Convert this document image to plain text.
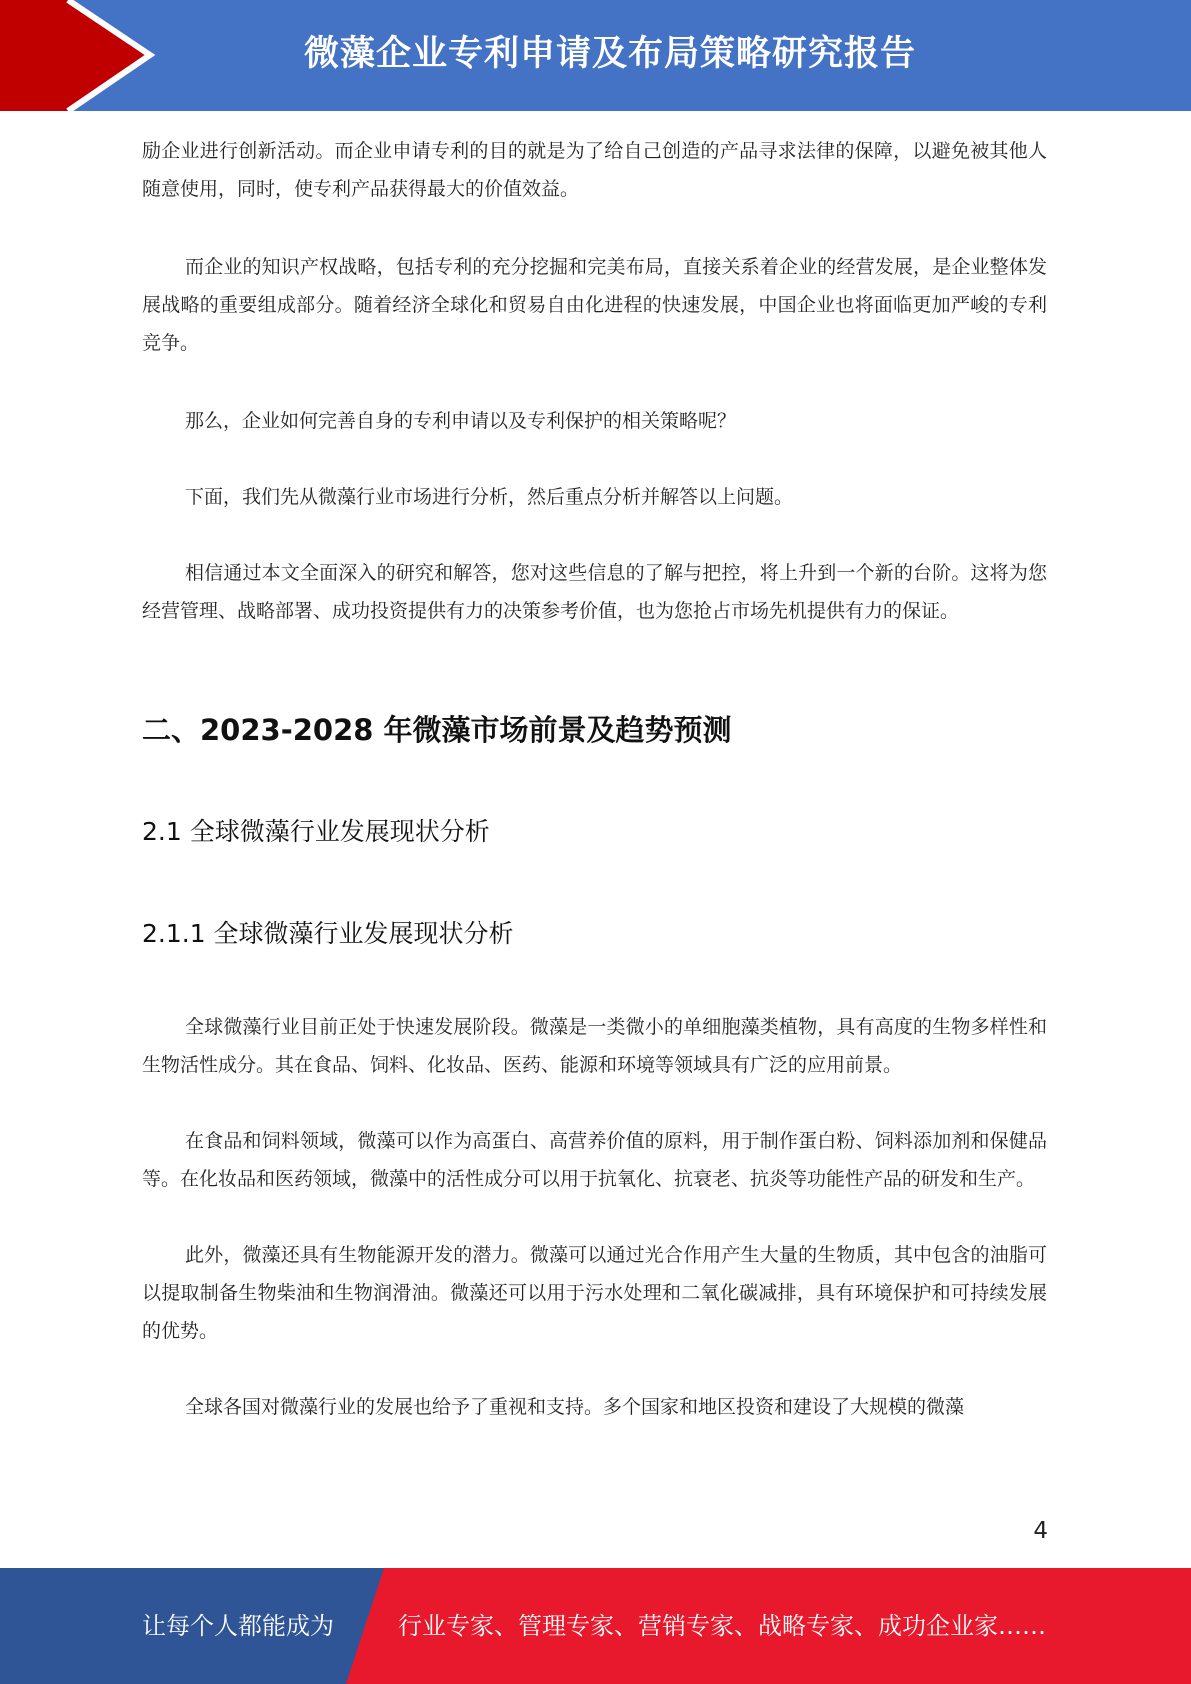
微藻企业专利申请及布局策略研究报告

励企业进行创新活动。而企业申请专利的目的就是为了给自己创造的产品寻求法律的保障，以避免被其他人随意使用，同时，使专利产品获得最大的价值效益。

而企业的知识产权战略，包括专利的充分挖掘和完美布局，直接关系着企业的经营发展，是企业整体发展战略的重要组成部分。随着经济全球化和贸易自由化进程的快速发展，中国企业也将面临更加严峻的专利竞争。

那么，企业如何完善自身的专利申请以及专利保护的相关策略呢？

下面，我们先从微藻行业市场进行分析，然后重点分析并解答以上问题。

相信通过本文全面深入的研究和解答，您对这些信息的了解与把控，将上升到一个新的台阶。这将为您经营管理、战略部署、成功投资提供有力的决策参考价值，也为您抢占市场先机提供有力的保证。

二、2023-2028 年微藻市场前景及趋势预测
2.1 全球微藻行业发展现状分析
2.1.1 全球微藻行业发展现状分析

全球微藻行业目前正处于快速发展阶段。微藻是一类微小的单细胞藻类植物，具有高度的生物多样性和生物活性成分。其在食品、饲料、化妆品、医药、能源和环境等领域具有广泛的应用前景。

在食品和饲料领域，微藻可以作为高蛋白、高营养价值的原料，用于制作蛋白粉、饲料添加剂和保健品等。在化妆品和医药领域，微藻中的活性成分可以用于抗氧化、抗衰老、抗炎等功能性产品的研发和生产。

此外，微藻还具有生物能源开发的潜力。微藻可以通过光合作用产生大量的生物质，其中包含的油脂可以提取制备生物柴油和生物润滑油。微藻还可以用于污水处理和二氧化碳减排，具有环境保护和可持续发展的优势。

全球各国对微藻行业的发展也给予了重视和支持。多个国家和地区投资和建设了大规模的微藻

4
让每个人都能成为	行业专家、管理专家、营销专家、战略专家、成功企业家……
